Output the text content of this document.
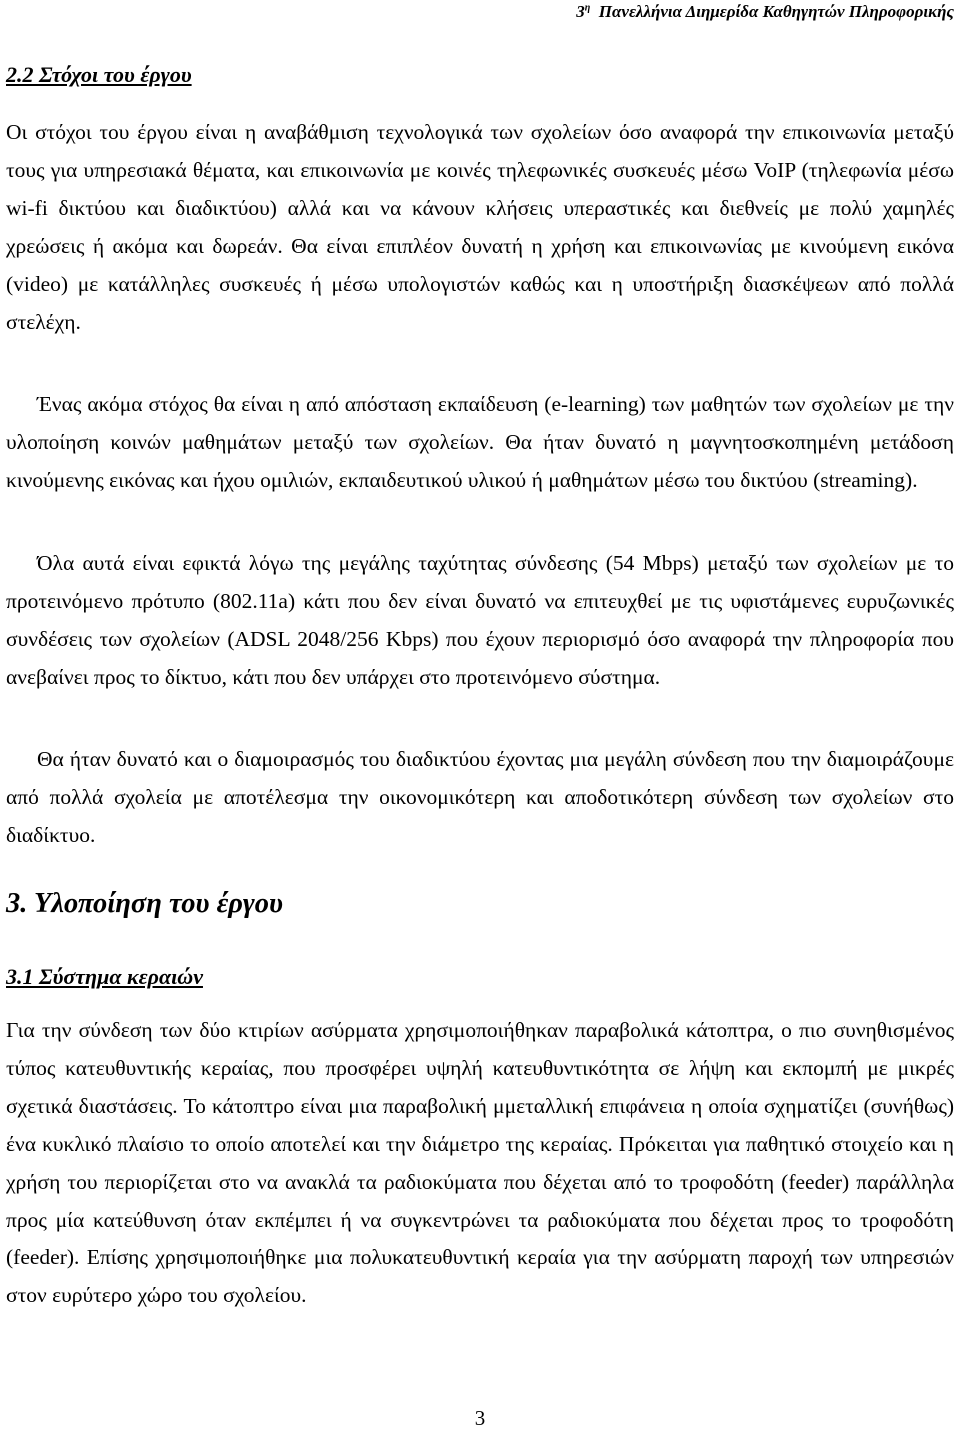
$3^\eta$ Πανελλήνια Διημερίδα Καθηγητών Πληροφορικής
2.2 Στόχοι του έργου

Οι στόχοι του έργου είναι η αναβάθμιση τεχνολογικά των σχολείων όσο αναφορά την επικοινωνία μεταξύ τους για υπηρεσιακά θέματα, και επικοινωνία με κοινές τηλεφωνικές συσκευές μέσω VoIP (τηλεφωνία μέσω wi-fi δικτύου και διαδικτύου) αλλά και να κάνουν κλήσεις υπεραστικές και διεθνείς με πολύ χαμηλές χρεώσεις ή ακόμα και δωρεάν. Θα είναι επιπλέον δυνατή η χρήση και επικοινωνίας με κινούμενη εικόνα (video) με κατάλληλες συσκευές ή μέσω υπολογιστών καθώς και η υποστήριξη διασκέψεων από πολλά στελέχη.

Ένας ακόμα στόχος θα είναι η από απόσταση εκπαίδευση (e-learning) των μαθητών των σχολείων με την υλοποίηση κοινών μαθημάτων μεταξύ των σχολείων. Θα ήταν δυνατό η μαγνητοσκοπημένη μετάδοση κινούμενης εικόνας και ήχου ομιλιών, εκπαιδευτικού υλικού ή μαθημάτων μέσω του δικτύου (streaming).

Όλα αυτά είναι εφικτά λόγω της μεγάλης ταχύτητας σύνδεσης (54 Mbps) μεταξύ των σχολείων με το προτεινόμενο πρότυπο (802.11a) κάτι που δεν είναι δυνατό να επιτευχθεί με τις υφιστάμενες ευρυζωνικές συνδέσεις των σχολείων (ADSL 2048/256 Kbps) που έχουν περιορισμό όσο αναφορά την πληροφορία που ανεβαίνει προς το δίκτυο, κάτι που δεν υπάρχει στο προτεινόμενο σύστημα.

Θα ήταν δυνατό και ο διαμοιρασμός του διαδικτύου έχοντας μια μεγάλη σύνδεση που την διαμοιράζουμε από πολλά σχολεία με αποτέλεσμα την οικονομικότερη και αποδοτικότερη σύνδεση των σχολείων στο διαδίκτυο.

3. Υλοποίηση του έργου
3.1 Σύστημα κεραιών

Για την σύνδεση των δύο κτιρίων ασύρματα χρησιμοποιήθηκαν παραβολικά κάτοπτρα, ο πιο συνηθισμένος τύπος κατευθυντικής κεραίας, που προσφέρει υψηλή κατευθυντικότητα σε λήψη και εκπομπή με μικρές σχετικά διαστάσεις. Το κάτοπτρο είναι μια παραβολική μμεταλλική επιφάνεια η οποία σχηματίζει (συνήθως) ένα κυκλικό πλαίσιο το οποίο αποτελεί και την διάμετρο της κεραίας. Πρόκειται για παθητικό στοιχείο και η χρήση του περιορίζεται στο να ανακλά τα ραδιοκύματα που δέχεται από το τροφοδότη (feeder) παράλληλα προς μία κατεύθυνση όταν εκπέμπει ή να συγκεντρώνει τα ραδιοκύματα που δέχεται προς το τροφοδότη (feeder). Επίσης χρησιμοποιήθηκε μια πολυκατευθυντική κεραία για την ασύρματη παροχή των υπηρεσιών στον ευρύτερο χώρο του σχολείου.

3
